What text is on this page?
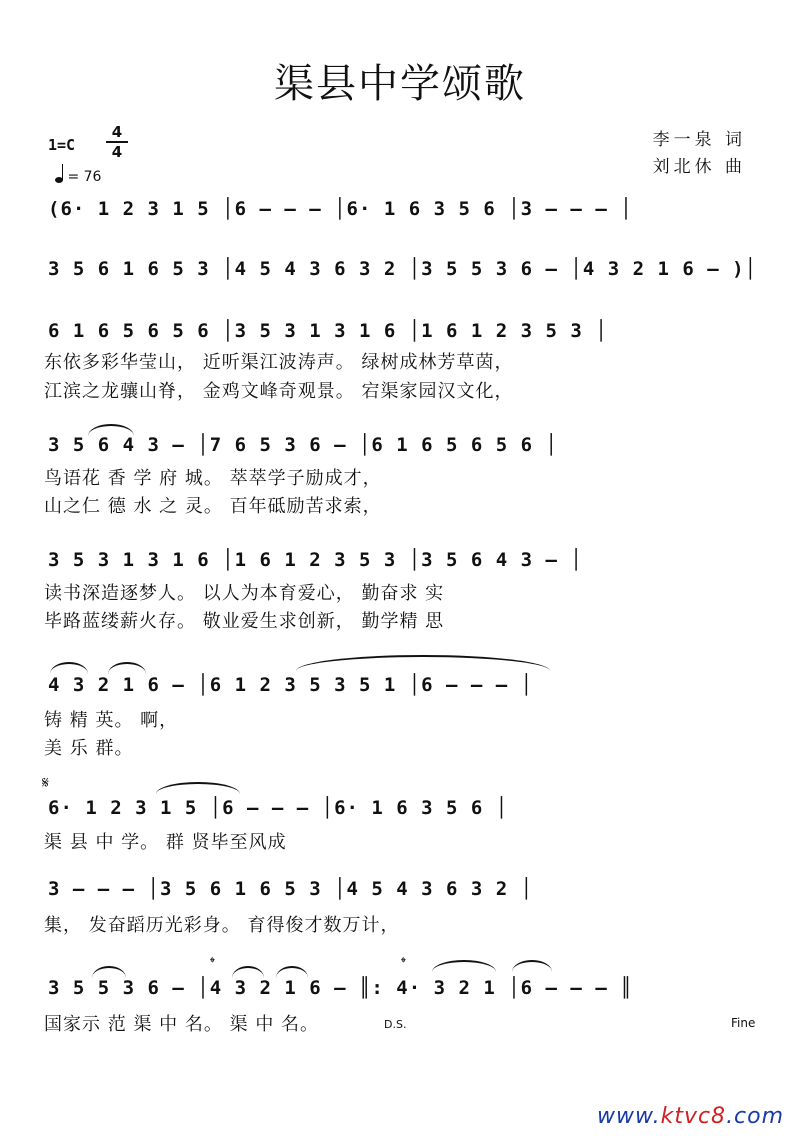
渠县中学颂歌
1=C
4
4
= 76
李一泉 词
刘北休 曲
(6· 1 2 3 1 5 │6 – – – │6· 1 6 3 5 6 │3 – – – │
3 5 6 1 6 5 3 │4 5 4 3 6 3 2 │3 5 5 3 6 – │4 3 2 1 6 – )│
6 1 6 5 6 5 6 │3 5 3 1 3 1 6 │1 6 1 2 3 5 3 │
东依多彩华莹山， 近听渠江波涛声。 绿树成林芳草茵，
江滨之龙骧山脊， 金鸡文峰奇观景。 宕渠家园汉文化，
3 5 6 4 3 – │7 6 5 3 6 – │6 1 6 5 6 5 6 │
鸟语花 香 学 府 城。 萃萃学子励成才，
山之仁 德 水 之 灵。 百年砥励苦求索，
3 5 3 1 3 1 6 │1 6 1 2 3 5 3 │3 5 6 4 3 – │
读书深造逐梦人。 以人为本育爱心， 勤奋求 实
毕路蓝缕薪火存。 敬业爱生求创新， 勤学精 思
4 3 2 1 6 – │6 1 2 3 5 3 5 1 │6 – – – │
铸 精 英。 啊，
美 乐 群。
𝄋
6· 1 2 3 1 5 │6 – – – │6· 1 6 3 5 6 │
渠 县 中 学。 群 贤毕至风成
3 – – – │3 5 6 1 6 5 3 │4 5 4 3 6 3 2 │
集， 发奋蹈历光彩身。 育得俊才数万计，
𝄌	𝄌
3 5 5 3 6 – │4 3 2 1 6 – ║: 4· 3 2 1 │6 – – – ║
国家示 范 渠 中 名。 渠 中 名。	D.S.	Fine
www.ktvc8.com
